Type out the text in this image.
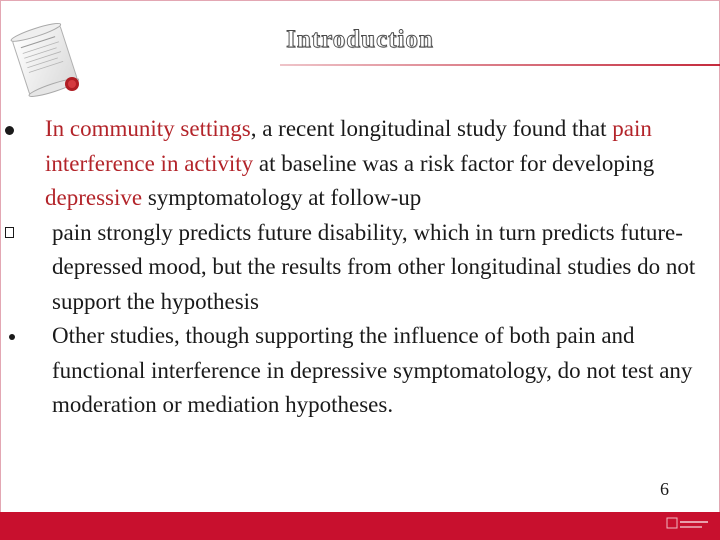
Introduction
In community settings, a recent longitudinal study found that pain interference in activity at baseline was a risk factor for developing depressive symptomatology at follow-up
pain strongly predicts future disability, which in turn predicts future-depressed mood, but the results from other longitudinal studies do not support the hypothesis
Other studies, though supporting the influence of both pain and functional interference in depressive symptomatology, do not test any moderation or mediation hypotheses.
6
